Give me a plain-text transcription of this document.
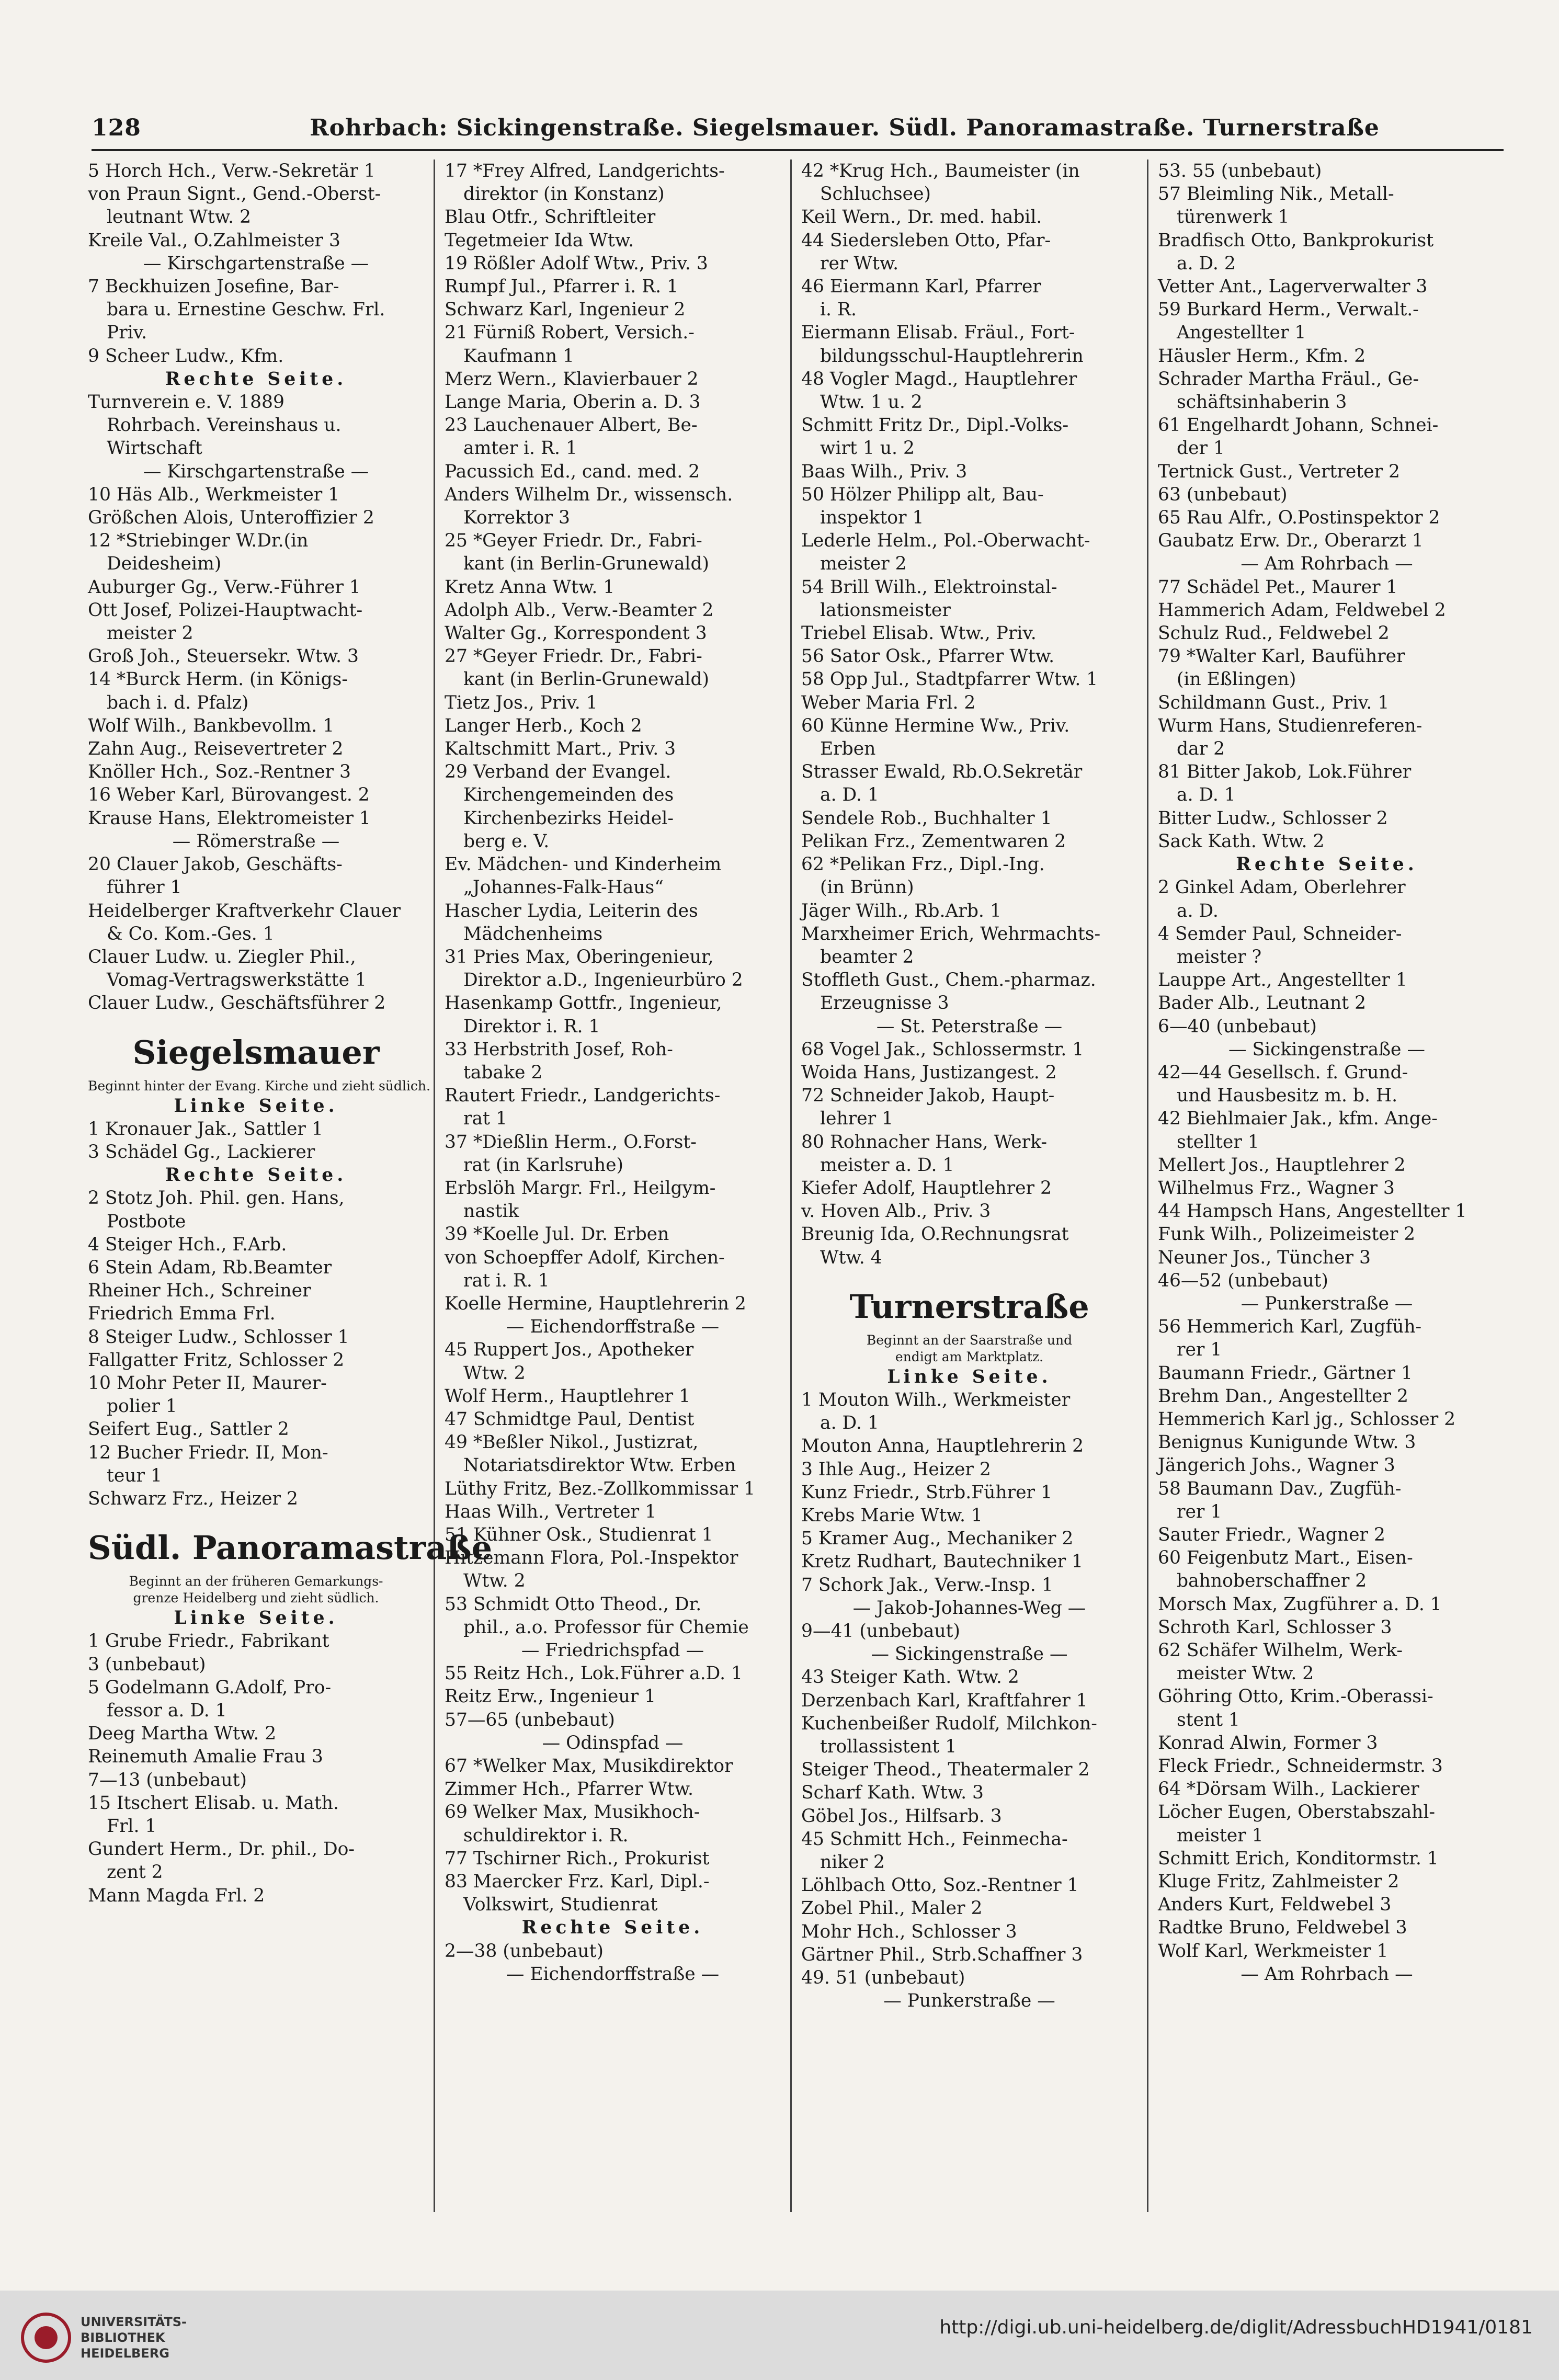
128	Rohrbach: Sickingenstraße. Siegelsmauer. Südl. Panoramastraße. Turnerstraße
5 Horch Hch., Verw.-Sekretär 1
von Praun Signt., Gend.-Oberst-
leutnant Wtw. 2
Kreile Val., O.Zahlmeister 3
— Kirschgartenstraße —
7 Beckhuizen Josefine, Bar-
bara u. Ernestine Geschw. Frl.
Priv.
9 Scheer Ludw., Kfm.
Rechte Seite.
Turnverein e. V. 1889
Rohrbach. Vereinshaus u.
Wirtschaft
— Kirschgartenstraße —
10 Häs Alb., Werkmeister 1
Größchen Alois, Unteroffizier 2
12 *Striebinger W.Dr.(in
Deidesheim)
Auburger Gg., Verw.-Führer 1
Ott Josef, Polizei-Hauptwacht-
meister 2
Groß Joh., Steuersekr. Wtw. 3
14 *Burck Herm. (in Königs-
bach i. d. Pfalz)
Wolf Wilh., Bankbevollm. 1
Zahn Aug., Reisevertreter 2
Knöller Hch., Soz.-Rentner 3
16 Weber Karl, Bürovangest. 2
Krause Hans, Elektromeister 1
— Römerstraße —
20 Clauer Jakob, Geschäfts-
führer 1
Heidelberger Kraftverkehr Clauer
& Co. Kom.-Ges. 1
Clauer Ludw. u. Ziegler Phil.,
Vomag-Vertragswerkstätte 1
Clauer Ludw., Geschäftsführer 2
Siegelsmauer
Beginnt hinter der Evang. Kirche und zieht südlich.
Linke Seite.
1 Kronauer Jak., Sattler 1
3 Schädel Gg., Lackierer
Rechte Seite.
2 Stotz Joh. Phil. gen. Hans,
Postbote
4 Steiger Hch., F.Arb.
6 Stein Adam, Rb.Beamter
Rheiner Hch., Schreiner
Friedrich Emma Frl.
8 Steiger Ludw., Schlosser 1
Fallgatter Fritz, Schlosser 2
10 Mohr Peter II, Maurer-
polier 1
Seifert Eug., Sattler 2
12 Bucher Friedr. II, Mon-
teur 1
Schwarz Frz., Heizer 2
Südl. Panoramastraße
Beginnt an der früheren Gemarkungs-
grenze Heidelberg und zieht südlich.
Linke Seite.
1 Grube Friedr., Fabrikant
3 (unbebaut)
5 Godelmann G.Adolf, Pro-
fessor a. D. 1
Deeg Martha Wtw. 2
Reinemuth Amalie Frau 3
7—13 (unbebaut)
15 Itschert Elisab. u. Math.
Frl. 1
Gundert Herm., Dr. phil., Do-
zent 2
Mann Magda Frl. 2
17 *Frey Alfred, Landgerichts-
direktor (in Konstanz)
Blau Otfr., Schriftleiter
Tegetmeier Ida Wtw.
19 Rößler Adolf Wtw., Priv. 3
Rumpf Jul., Pfarrer i. R. 1
Schwarz Karl, Ingenieur 2
21 Fürniß Robert, Versich.-
Kaufmann 1
Merz Wern., Klavierbauer 2
Lange Maria, Oberin a. D. 3
23 Lauchenauer Albert, Be-
amter i. R. 1
Pacussich Ed., cand. med. 2
Anders Wilhelm Dr., wissensch.
Korrektor 3
25 *Geyer Friedr. Dr., Fabri-
kant (in Berlin-Grunewald)
Kretz Anna Wtw. 1
Adolph Alb., Verw.-Beamter 2
Walter Gg., Korrespondent 3
27 *Geyer Friedr. Dr., Fabri-
kant (in Berlin-Grunewald)
Tietz Jos., Priv. 1
Langer Herb., Koch 2
Kaltschmitt Mart., Priv. 3
29 Verband der Evangel.
Kirchengemeinden des
Kirchenbezirks Heidel-
berg e. V.
Ev. Mädchen- und Kinderheim
„Johannes-Falk-Haus“
Hascher Lydia, Leiterin des
Mädchenheims
31 Pries Max, Oberingenieur,
Direktor a.D., Ingenieurbüro 2
Hasenkamp Gottfr., Ingenieur,
Direktor i. R. 1
33 Herbstrith Josef, Roh-
tabake 2
Rautert Friedr., Landgerichts-
rat 1
37 *Dießlin Herm., O.Forst-
rat (in Karlsruhe)
Erbslöh Margr. Frl., Heilgym-
nastik
39 *Koelle Jul. Dr. Erben
von Schoepffer Adolf, Kirchen-
rat i. R. 1
Koelle Hermine, Hauptlehrerin 2
— Eichendorffstraße —
45 Ruppert Jos., Apotheker
Wtw. 2
Wolf Herm., Hauptlehrer 1
47 Schmidtge Paul, Dentist
49 *Beßler Nikol., Justizrat,
Notariatsdirektor Wtw. Erben
Lüthy Fritz, Bez.-Zollkommissar 1
Haas Wilh., Vertreter 1
51 Kühner Osk., Studienrat 1
Hitzemann Flora, Pol.-Inspektor
Wtw. 2
53 Schmidt Otto Theod., Dr.
phil., a.o. Professor für Chemie
— Friedrichspfad —
55 Reitz Hch., Lok.Führer a.D. 1
Reitz Erw., Ingenieur 1
57—65 (unbebaut)
— Odinspfad —
67 *Welker Max, Musikdirektor
Zimmer Hch., Pfarrer Wtw.
69 Welker Max, Musikhoch-
schuldirektor i. R.
77 Tschirner Rich., Prokurist
83 Maercker Frz. Karl, Dipl.-
Volkswirt, Studienrat
Rechte Seite.
2—38 (unbebaut)
— Eichendorffstraße —
42 *Krug Hch., Baumeister (in
Schluchsee)
Keil Wern., Dr. med. habil.
44 Siedersleben Otto, Pfar-
rer Wtw.
46 Eiermann Karl, Pfarrer
i. R.
Eiermann Elisab. Fräul., Fort-
bildungsschul-Hauptlehrerin
48 Vogler Magd., Hauptlehrer
Wtw. 1 u. 2
Schmitt Fritz Dr., Dipl.-Volks-
wirt 1 u. 2
Baas Wilh., Priv. 3
50 Hölzer Philipp alt, Bau-
inspektor 1
Lederle Helm., Pol.-Oberwacht-
meister 2
54 Brill Wilh., Elektroinstal-
lationsmeister
Triebel Elisab. Wtw., Priv.
56 Sator Osk., Pfarrer Wtw.
58 Opp Jul., Stadtpfarrer Wtw. 1
Weber Maria Frl. 2
60 Künne Hermine Ww., Priv.
Erben
Strasser Ewald, Rb.O.Sekretär
a. D. 1
Sendele Rob., Buchhalter 1
Pelikan Frz., Zementwaren 2
62 *Pelikan Frz., Dipl.-Ing.
(in Brünn)
Jäger Wilh., Rb.Arb. 1
Marxheimer Erich, Wehrmachts-
beamter 2
Stoffleth Gust., Chem.-pharmaz.
Erzeugnisse 3
— St. Peterstraße —
68 Vogel Jak., Schlossermstr. 1
Woida Hans, Justizangest. 2
72 Schneider Jakob, Haupt-
lehrer 1
80 Rohnacher Hans, Werk-
meister a. D. 1
Kiefer Adolf, Hauptlehrer 2
v. Hoven Alb., Priv. 3
Breunig Ida, O.Rechnungsrat
Wtw. 4
Turnerstraße
Beginnt an der Saarstraße und
endigt am Marktplatz.
Linke Seite.
1 Mouton Wilh., Werkmeister
a. D. 1
Mouton Anna, Hauptlehrerin 2
3 Ihle Aug., Heizer 2
Kunz Friedr., Strb.Führer 1
Krebs Marie Wtw. 1
5 Kramer Aug., Mechaniker 2
Kretz Rudhart, Bautechniker 1
7 Schork Jak., Verw.-Insp. 1
— Jakob-Johannes-Weg —
9—41 (unbebaut)
— Sickingenstraße —
43 Steiger Kath. Wtw. 2
Derzenbach Karl, Kraftfahrer 1
Kuchenbeißer Rudolf, Milchkon-
trollassistent 1
Steiger Theod., Theatermaler 2
Scharf Kath. Wtw. 3
Göbel Jos., Hilfsarb. 3
45 Schmitt Hch., Feinmecha-
niker 2
Löhlbach Otto, Soz.-Rentner 1
Zobel Phil., Maler 2
Mohr Hch., Schlosser 3
Gärtner Phil., Strb.Schaffner 3
49. 51 (unbebaut)
— Punkerstraße —
53. 55 (unbebaut)
57 Bleimling Nik., Metall-
türenwerk 1
Bradfisch Otto, Bankprokurist
a. D. 2
Vetter Ant., Lagerverwalter 3
59 Burkard Herm., Verwalt.-
Angestellter 1
Häusler Herm., Kfm. 2
Schrader Martha Fräul., Ge-
schäftsinhaberin 3
61 Engelhardt Johann, Schnei-
der 1
Tertnick Gust., Vertreter 2
63 (unbebaut)
65 Rau Alfr., O.Postinspektor 2
Gaubatz Erw. Dr., Oberarzt 1
— Am Rohrbach —
77 Schädel Pet., Maurer 1
Hammerich Adam, Feldwebel 2
Schulz Rud., Feldwebel 2
79 *Walter Karl, Bauführer
(in Eßlingen)
Schildmann Gust., Priv. 1
Wurm Hans, Studienreferen-
dar 2
81 Bitter Jakob, Lok.Führer
a. D. 1
Bitter Ludw., Schlosser 2
Sack Kath. Wtw. 2
Rechte Seite.
2 Ginkel Adam, Oberlehrer
a. D.
4 Semder Paul, Schneider-
meister ?
Lauppe Art., Angestellter 1
Bader Alb., Leutnant 2
6—40 (unbebaut)
— Sickingenstraße —
42—44 Gesellsch. f. Grund-
und Hausbesitz m. b. H.
42 Biehlmaier Jak., kfm. Ange-
stellter 1
Mellert Jos., Hauptlehrer 2
Wilhelmus Frz., Wagner 3
44 Hampsch Hans, Angestellter 1
Funk Wilh., Polizeimeister 2
Neuner Jos., Tüncher 3
46—52 (unbebaut)
— Punkerstraße —
56 Hemmerich Karl, Zugfüh-
rer 1
Baumann Friedr., Gärtner 1
Brehm Dan., Angestellter 2
Hemmerich Karl jg., Schlosser 2
Benignus Kunigunde Wtw. 3
Jängerich Johs., Wagner 3
58 Baumann Dav., Zugfüh-
rer 1
Sauter Friedr., Wagner 2
60 Feigenbutz Mart., Eisen-
bahnoberschaffner 2
Morsch Max, Zugführer a. D. 1
Schroth Karl, Schlosser 3
62 Schäfer Wilhelm, Werk-
meister Wtw. 2
Göhring Otto, Krim.-Oberassi-
stent 1
Konrad Alwin, Former 3
Fleck Friedr., Schneidermstr. 3
64 *Dörsam Wilh., Lackierer
Löcher Eugen, Oberstabszahl-
meister 1
Schmitt Erich, Konditormstr. 1
Kluge Fritz, Zahlmeister 2
Anders Kurt, Feldwebel 3
Radtke Bruno, Feldwebel 3
Wolf Karl, Werkmeister 1
— Am Rohrbach —
UNIVERSITÄTS-
BIBLIOTHEK
HEIDELBERG
http://digi.ub.uni-heidelberg.de/diglit/AdressbuchHD1941/0181
